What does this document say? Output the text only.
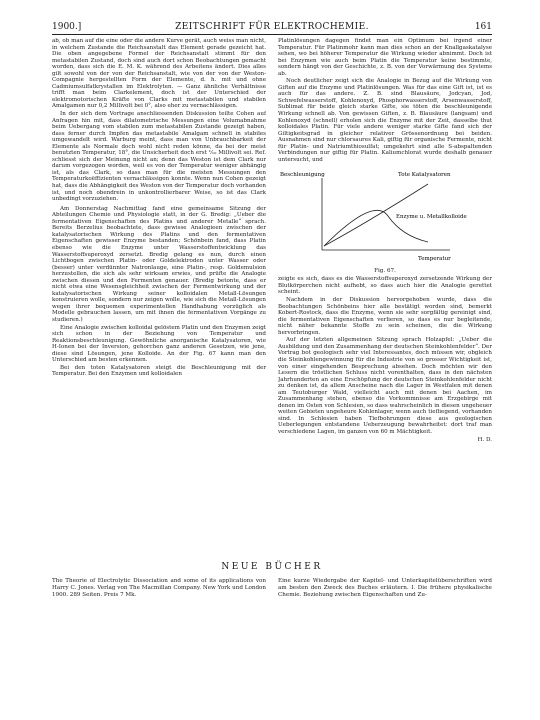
1900.]	ZEITSCHRIFT FÜR ELEKTROCHEMIE.	161

ab, ob man auf die eine oder die andere Kurve gerät, auch weiss man nicht, in welchem Zustande die Reichsanstalt das Element gerade gezeicht hat. Die oben angegebene Formel der Reichsanstalt stimmt für den metastabilen Zustand, doch sind auch dort schon Beobachtungen gemacht worden, dass sich die E. M. K. während des Arbeitens ändert. Dies alles gilt sowohl von der von der Reichsanstalt, wie von der von der Weston-Compagnie hergestellten Form der Elemente, d. h. mit und ohne Cadmiumsulfatkrystallen im Elektrolyten. — Ganz ähnliche Verhältnisse trifft man beim Clarkelement, doch ist der Unterschied der elektromotorischen Kräfte von Clarks mit metastabilen und stabilen Amalgamen nur 0,2 Millivolt bei 0°, also eher zu vernachlässigen.

In der sich dem Vortrage anschliessenden Diskussion teilte Cohen auf Anfragen hin mit, dass dilatometrische Messungen eine Volumabnahme beim Uebergang vom stabilen zum metastabilen Zustande gezeigt haben, dass ferner durch Impfen das metastabile Amalgam schnell in stabiles umgewandelt wird. Warburg meint, dass man von Unbrauchbarkeit der Elemente als Normale doch wohl nicht reden könne, da bei der meist benutzten Temperatur, 18°, die Unsicherheit doch erst ¹⁄₁₀ Millivolt sei. Ref. schliesst sich der Meinung nicht an; denn das Weston ist dem Clark nur darum vorgezogen worden, weil es von der Temperatur weniger abhängig ist, als das Clark, so dass man für die meisten Messungen den Temperaturkoëffizienten vernachlässigen konnte. Wenn nun Cohen gezeigt hat, dass die Abhängigkeit des Weston von der Temperatur doch vorhanden ist, und noch obendrein in unkontrollierbarer Weise, so ist das Clark unbedingt vorzuziehen.

Am Donnerstag Nachmittag fand eine gemeinsame Sitzung der Abteilungen Chemie und Physiologie statt, in der G. Bredig: „Ueber die fermentativen Eigenschaften des Platins und anderer Metalle“ sprach. Bereits Berzelius beobachtete, dass gewisse Analogieen zwischen der katalysatorischen Wirkung des Platins und den fermentativen Eigenschaften gewisser Enzyme bestanden; Schönbein fand, dass Platin ebenso wie die Enzyme unter Wasserstoffentwicklung das Wasserstoffsuperoxyd zersetzt. Bredig gelang es nun, durch einen Lichtbogen zwischen Platin- oder Goldelektroden unter Wasser oder (besser) unter verdünnter Natronlauge, eine Platin-, resp. Goldemulsion herzustellen, die sich als sehr wirksam erwies, und prüfte die Analogie zwischen diesen und den Fermenten genauer. (Bredig betonte, dass er nicht etwa eine Wesensgleichheit zwischen der Fermentwirkung und der katalysatorischen Wirkung seiner kolloidalen Metall-Lösungen konstruieren wolle, sondern nur zeigen wolle, wie sich die Metall-Lösungen wegen ihrer bequemen experimentellen Handhabung vorzüglich als Modelle gebrauchen lassen, um mit ihnen die fermentativen Vorgänge zu studieren.)

Eine Analogie zwischen kolloidal gelöstem Platin und den Enzymen zeigt sich schon in der Beziehung von Temperatur und Reaktionsbeschleunigung. Gewöhnliche anorganische Katalysatoren, wie H-Ionen bei der Inversion, gehorchen ganz anderen Gesetzen, wie jene, diese sind Lösungen, jene Kolloide. An der Fig. 67 kann man den Unterschied am besten erkennen.

Bei den toten Katalysatoren steigt die Beschleunigung mit der Temperatur. Bei den Enzymen und kolloidalen

Platinlösungen dagegen findet man ein Optimum bei irgend einer Temperatur. Für Platinmohr kann man dies schon an der Knallgaskatalyse sehen, wo bei höherer Temperatur die Wirkung wieder abnimmt. Doch ist bei Enzymen wie auch beim Platin die Temperatur keine bestimmte, sondern hängt von der Geschichte, z. B. von der Vorwärmung des Systems ab.

Noch deutlicher zeigt sich die Analogie in Bezug auf die Wirkung von Giften auf die Enzyme und Platinlösungen. Was für das eine Gift ist, ist es auch für das andere. Z. B. sind Blausäure, Jodcyan, Jod, Schwefelwasserstoff, Kohlenoxyd, Phosphorwasserstoff, Arsenwasserstoff, Sublimat für beide gleich starke Gifte, sie töten die beschleunigende Wirkung schnell ab. Von gewissen Giften, z. B. Blausäure (langsam) und Kohlenoxyd (schnell) erholen sich die Enzyme mit der Zeit, dasselbe thut kolloidales Platin. Für viele andere weniger starke Gifte fand sich der Giltigkeitsgrad in gleicher relativer Grössenordnung bei beiden. Ausnahmen sind nur chlorsaures Kali, giftig für organische Fermente, nicht für Platin- und Natriumthiosulfat; umgekehrt sind alle S-abspaltenden Verbindungen nur giftig für Platin. Kaliumchlorat wurde deshalb genauer untersucht, und

Beschleunigung	Tote Katalysatoren
Enzyme u. Metallkolloide
Temperatur
Fig. 67.

zeigte es sich, dass es die Wasserstoffsuperoxyd zersetzende Wirkung der Blutkörperchen nicht aufhebt, so dass auch hier die Analogie gerettet scheint.

Nachdem in der Diskussion hervorgehoben wurde, dass die Beobachtungen Schönbeins hier alle bestätigt worden sind, bemerkt Kobert-Rostock, dass die Enzyme, wenn sie sehr sorgfältig gereinigt sind, die fermentativen Eigenschaften verlieren, so dass es nur begleitende, nicht näher bekannte Stoffe zu sein scheinen, die die Wirkung hervorbringen.

Auf der letzten allgemeinen Sitzung sprach Holzapfel: „Ueber die Ausbildung und den Zusammenhang der deutschen Steinkohlenfelder“. Der Vortrag bot geologisch sehr viel Interessantes, doch müssen wir, obgleich die Steinkohlengewinnung für die Industrie von so grosser Wichtigkeit ist, von einer eingehenden Besprechung absehen. Doch möchten wir den Lesern die tröstlichen Schluss nicht vorenthalten, dass in den nächsten Jahrhunderten an eine Erschöpfung der deutschen Steinkohlenfelder nicht zu denken ist, da allem Anscheine nach die Lager in Westfalen mit denen am Teutoburger Wald, vielleicht auch mit denen bei Aachen, im Zusammenhang stehen, ebenso die Vorkommnisse am Erzgebirge mit denen im Osten von Schlesien, so dass wahrscheinlich in diesen ungeheuer weiten Gebieten ungeheure Kohlenlager, wenn auch tiefliegend, vorhanden sind. In Schlesien haben Tiefbohrungen diese aus geologischen Ueberlegungen entstandene Ueberzeugung bewahrheitet: dort traf man verschiedene Lagen, im ganzen von 60 m Mächtigkeit.

H. D.
NEUE BÜCHER

The Theorie of Electrolytic Dissociation and some of its applications von Harry C. Jones. Verlag von The Macmillan Company. New York und London 1900. 289 Seiten. Preis 7 Mk.

Eine kurze Wiedergabe der Kapitel- und Unterkapitelüberschriften wird am besten den Zweck des Buches erläutern. I. Die frühere physikalische Chemie. Beziehung zwischen Eigenschaften und Zu-
